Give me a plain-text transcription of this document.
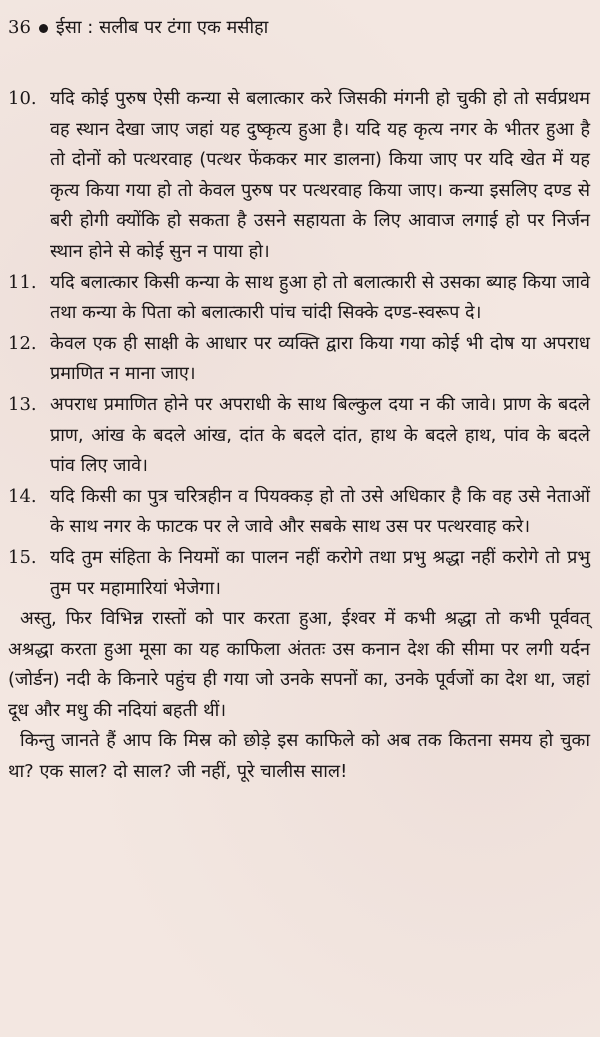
36 ईसा : सलीब पर टंगा एक मसीहा
10. यदि कोई पुरुष ऐसी कन्या से बलात्कार करे जिसकी मंगनी हो चुकी हो तो सर्वप्रथम वह स्थान देखा जाए जहां यह दुष्कृत्य हुआ है। यदि यह कृत्य नगर के भीतर हुआ है तो दोनों को पत्थरवाह (पत्थर फेंककर मार डालना) किया जाए पर यदि खेत में यह कृत्य किया गया हो तो केवल पुरुष पर पत्थरवाह किया जाए। कन्या इसलिए दण्ड से बरी होगी क्योंकि हो सकता है उसने सहायता के लिए आवाज लगाई हो पर निर्जन स्थान होने से कोई सुन न पाया हो।
11. यदि बलात्कार किसी कन्या के साथ हुआ हो तो बलात्कारी से उसका ब्याह किया जावे तथा कन्या के पिता को बलात्कारी पांच चांदी सिक्के दण्ड-स्वरूप दे।
12. केवल एक ही साक्षी के आधार पर व्यक्ति द्वारा किया गया कोई भी दोष या अपराध प्रमाणित न माना जाए।
13. अपराध प्रमाणित होने पर अपराधी के साथ बिल्कुल दया न की जावे। प्राण के बदले प्राण, आंख के बदले आंख, दांत के बदले दांत, हाथ के बदले हाथ, पांव के बदले पांव लिए जावे।
14. यदि किसी का पुत्र चरित्रहीन व पियक्कड़ हो तो उसे अधिकार है कि वह उसे नेताओं के साथ नगर के फाटक पर ले जावे और सबके साथ उस पर पत्थरवाह करे।
15. यदि तुम संहिता के नियमों का पालन नहीं करोगे तथा प्रभु श्रद्धा नहीं करोगे तो प्रभु तुम पर महामारियां भेजेगा।
अस्तु, फिर विभिन्न रास्तों को पार करता हुआ, ईश्वर में कभी श्रद्धा तो कभी पूर्ववत् अश्रद्धा करता हुआ मूसा का यह काफिला अंततः उस कनान देश की सीमा पर लगी यर्दन (जोर्डन) नदी के किनारे पहुंच ही गया जो उनके सपनों का, उनके पूर्वजों का देश था, जहां दूध और मधु की नदियां बहती थीं।
किन्तु जानते हैं आप कि मिस्र को छोड़े इस काफिले को अब तक कितना समय हो चुका था? एक साल? दो साल? जी नहीं, पूरे चालीस साल!
